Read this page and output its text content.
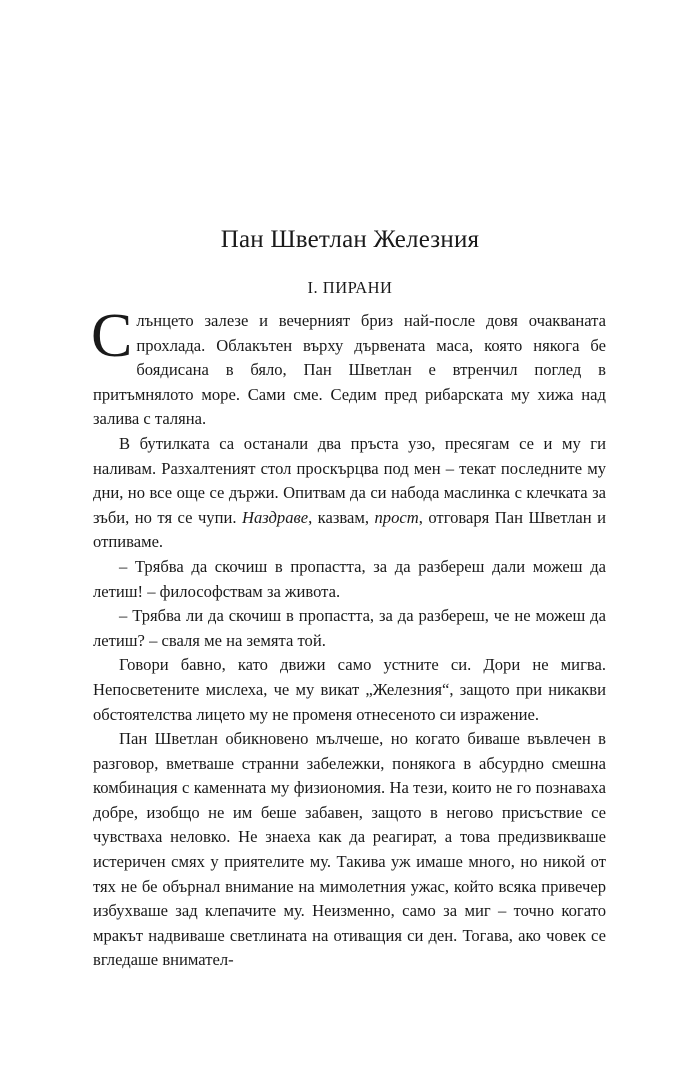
Пан Шветлан Железния
I. ПИРАНИ

Слънцето залезе и вечерният бриз най-после довя очакваната прохлада. Облакътен върху дървената маса, която някога бе боядисана в бяло, Пан Шветлан е втренчил поглед в притъмнялото море. Сами сме. Седим пред рибарската му хижа над залива с таляна.

В бутилката са останали два пръста узо, пресягам се и му ги наливам. Разхалтеният стол проскърцва под мен – текат последните му дни, но все още се държи. Опитвам да си набода маслинка с клечката за зъби, но тя се чупи. Наздраве, казвам, прост, отговаря Пан Шветлан и отпиваме.

– Трябва да скочиш в пропастта, за да разбереш дали можеш да летиш! – философствам за живота.

– Трябва ли да скочиш в пропастта, за да разбереш, че не можеш да летиш? – сваля ме на земята той.

Говори бавно, като движи само устните си. Дори не мигва. Непосветените мислеха, че му викат „Железния“, защото при никакви обстоятелства лицето му не променя отнесеното си изражение.

Пан Шветлан обикновено мълчеше, но когато биваше въвлечен в разговор, вметваше странни забележки, понякога в абсурдно смешна комбинация с каменната му физиономия. На тези, които не го познаваха добре, изобщо не им беше забавен, защото в негово присъствие се чувстваха неловко. Не знаеха как да реагират, а това предизвикваше истеричен смях у приятелите му. Такива уж имаше много, но никой от тях не бе обърнал внимание на мимолетния ужас, който всяка привечер избухваше зад клепачите му. Неизменно, само за миг – точно когато мракът надвиваше светлината на отиващия си ден. Тогава, ако човек се вгледаше внимател-
